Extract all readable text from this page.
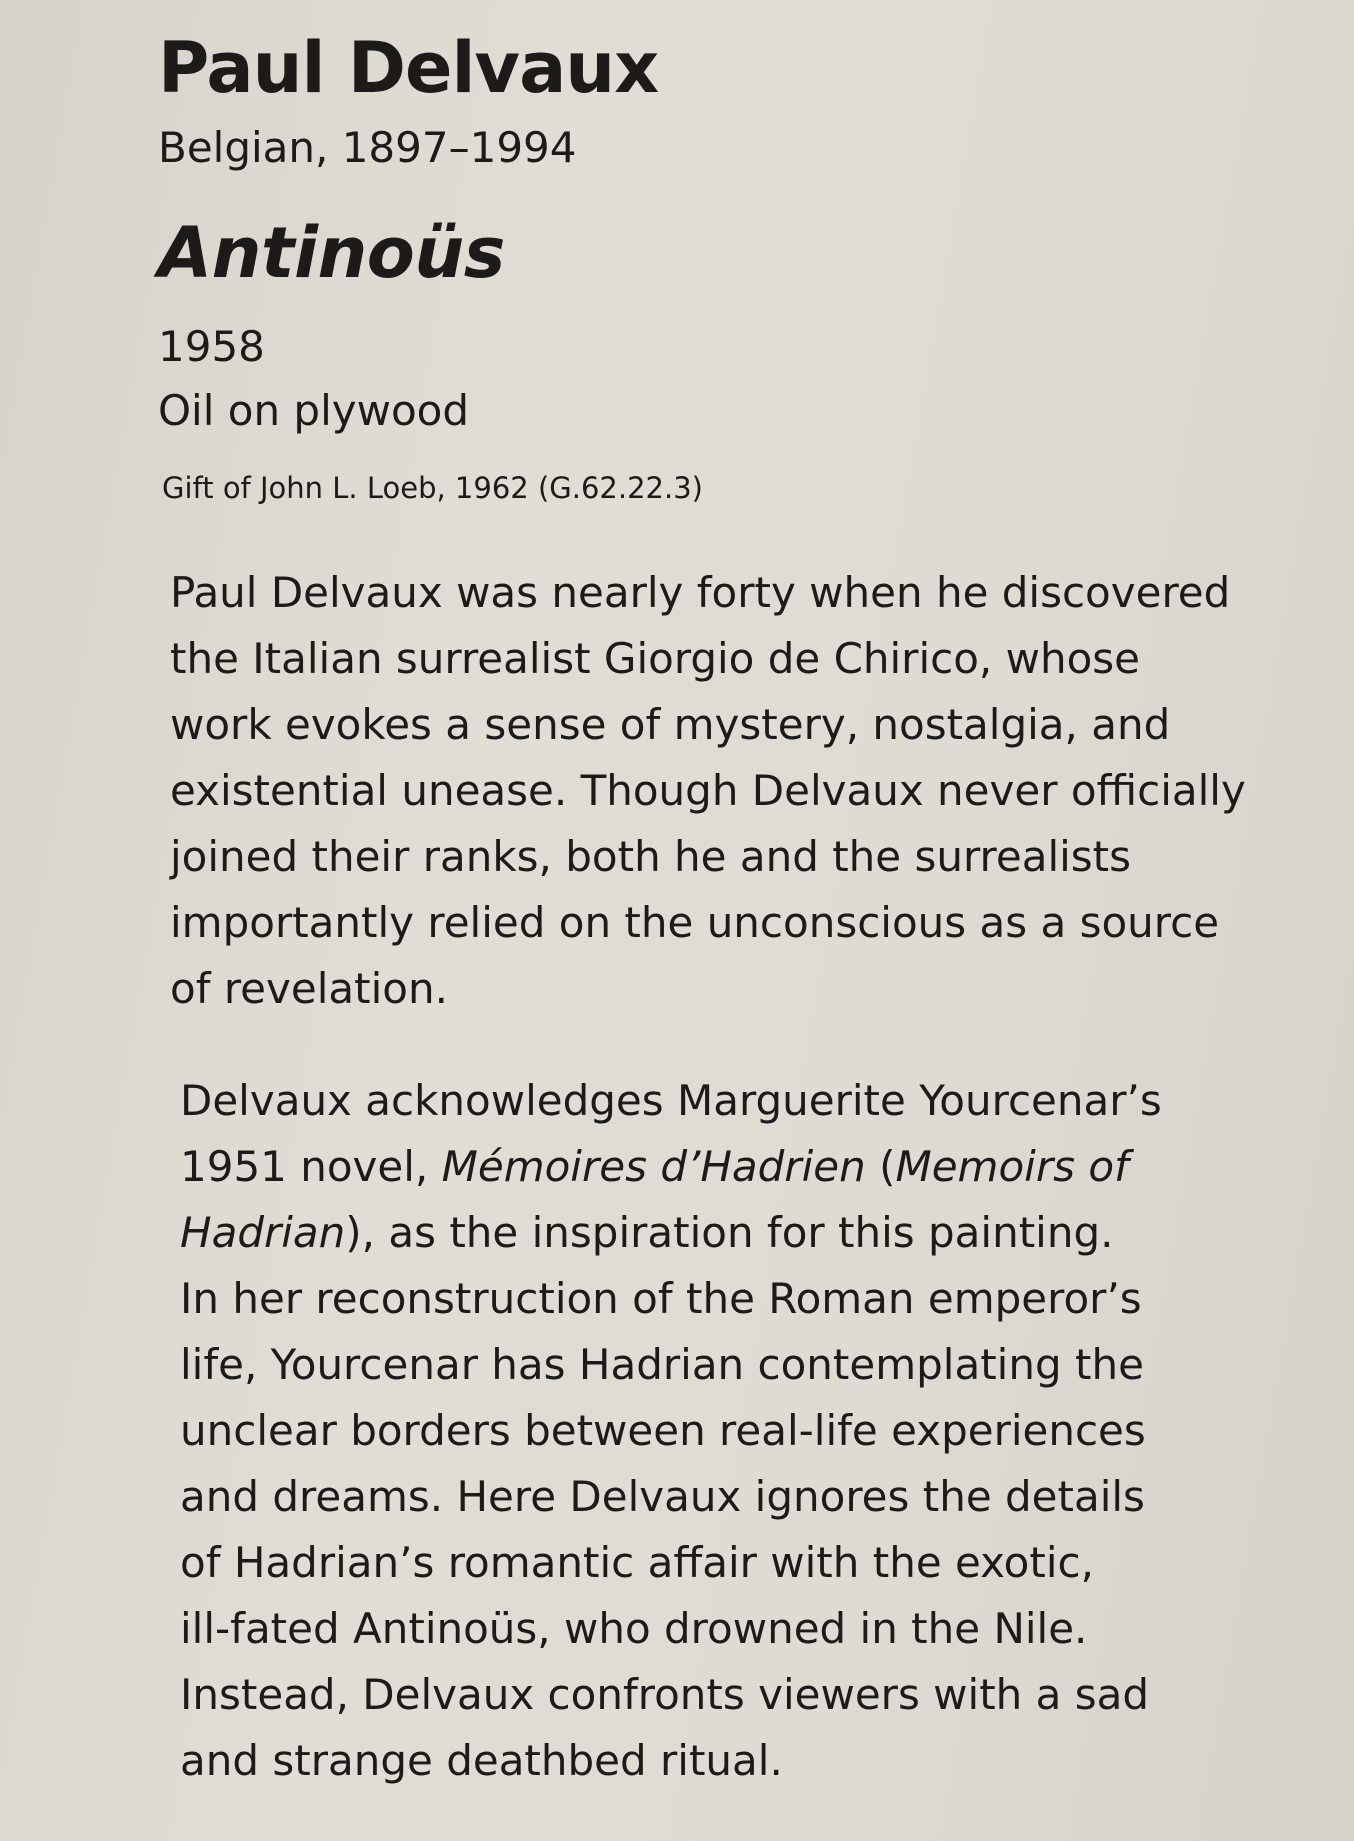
Paul Delvaux

Belgian, 1897–1994

Antinoüs

1958

Oil on plywood

Gift of John L. Loeb, 1962 (G.62.22.3)

Paul Delvaux was nearly forty when he discovered
the Italian surrealist Giorgio de Chirico, whose
work evokes a sense of mystery, nostalgia, and
existential unease. Though Delvaux never officially
joined their ranks, both he and the surrealists
importantly relied on the unconscious as a source
of revelation.
Delvaux acknowledges Marguerite Yourcenar’s
1951 novel, Mémoires d’Hadrien (Memoirs of
Hadrian), as the inspiration for this painting.
In her reconstruction of the Roman emperor’s
life, Yourcenar has Hadrian contemplating the
unclear borders between real-life experiences
and dreams. Here Delvaux ignores the details
of Hadrian’s romantic affair with the exotic,
ill-fated Antinoüs, who drowned in the Nile.
Instead, Delvaux confronts viewers with a sad
and strange deathbed ritual.
